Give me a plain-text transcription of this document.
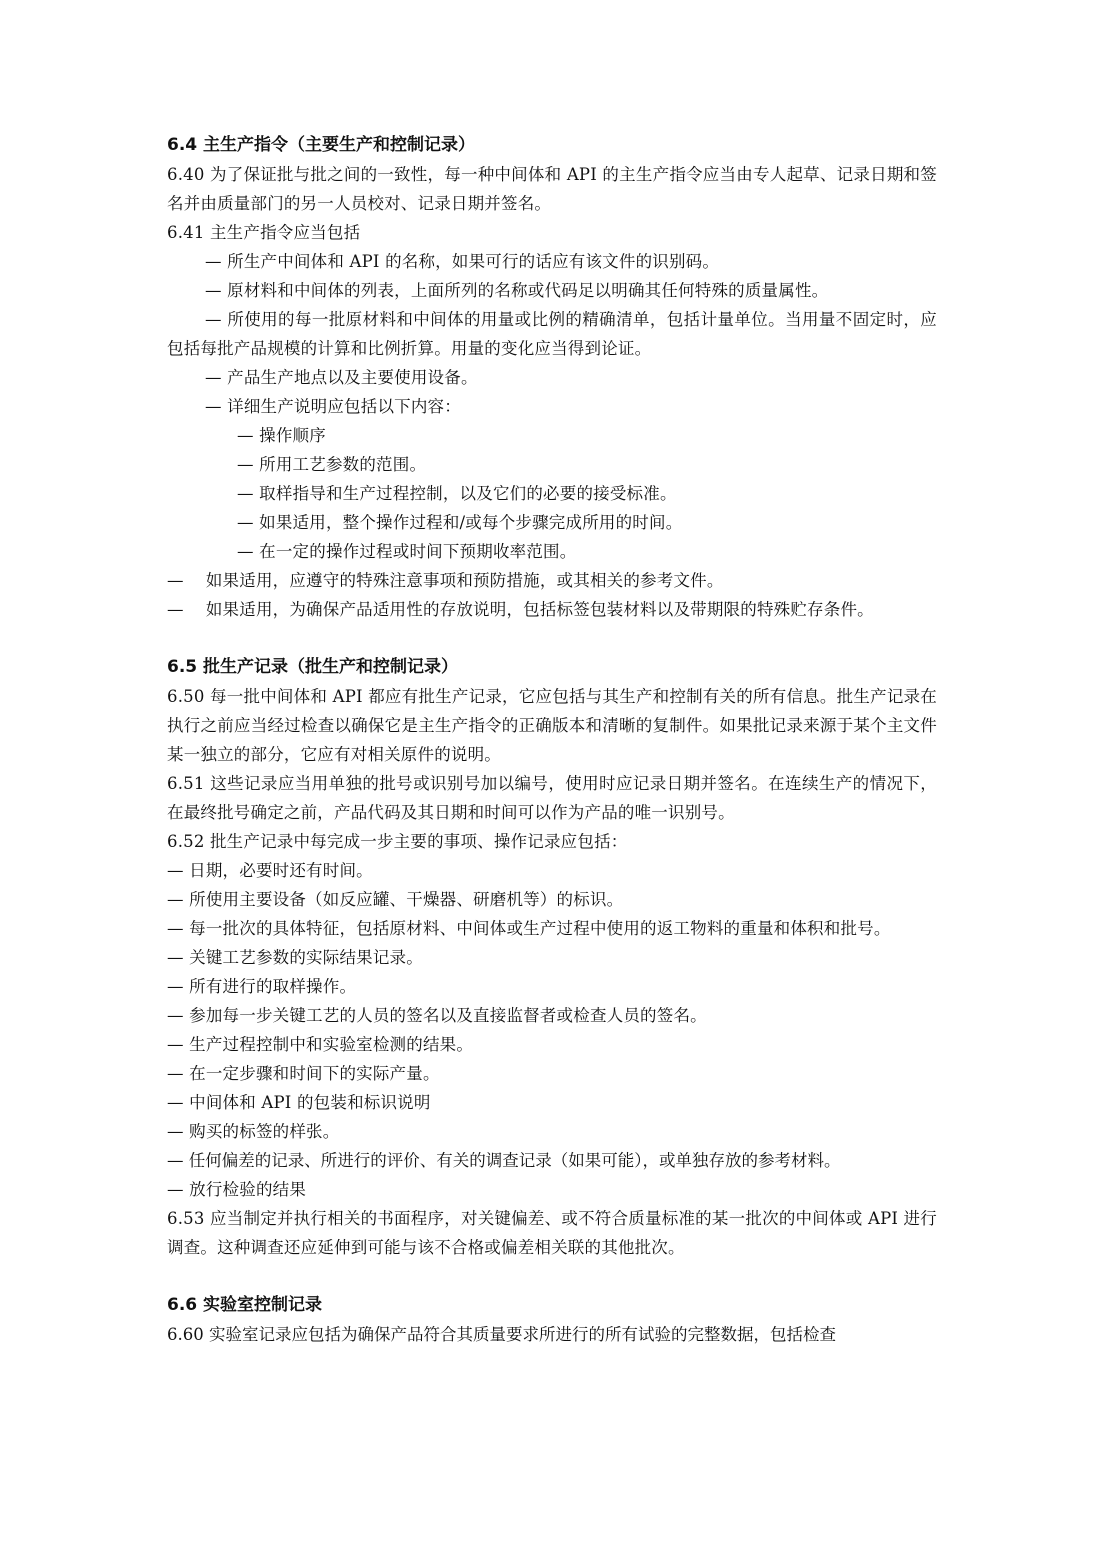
6.4 主生产指令（主要生产和控制记录）

6.40 为了保证批与批之间的一致性，每一种中间体和 API 的主生产指令应当由专人起草、记录日期和签名并由质量部门的另一人员校对、记录日期并签名。

6.41 主生产指令应当包括

— 所生产中间体和 API 的名称，如果可行的话应有该文件的识别码。

— 原材料和中间体的列表，上面所列的名称或代码足以明确其任何特殊的质量属性。

— 所使用的每一批原材料和中间体的用量或比例的精确清单，包括计量单位。当用量不固定时，应包括每批产品规模的计算和比例折算。用量的变化应当得到论证。

— 产品生产地点以及主要使用设备。

— 详细生产说明应包括以下内容：

— 操作顺序

— 所用工艺参数的范围。

— 取样指导和生产过程控制，以及它们的必要的接受标准。

— 如果适用，整个操作过程和/或每个步骤完成所用的时间。

— 在一定的操作过程或时间下预期收率范围。

—　 如果适用，应遵守的特殊注意事项和预防措施，或其相关的参考文件。

—　 如果适用，为确保产品适用性的存放说明，包括标签包装材料以及带期限的特殊贮存条件。

6.5 批生产记录（批生产和控制记录）

6.50 每一批中间体和 API 都应有批生产记录，它应包括与其生产和控制有关的所有信息。批生产记录在执行之前应当经过检查以确保它是主生产指令的正确版本和清晰的复制件。如果批记录来源于某个主文件某一独立的部分，它应有对相关原件的说明。

6.51 这些记录应当用单独的批号或识别号加以编号，使用时应记录日期并签名。在连续生产的情况下，在最终批号确定之前，产品代码及其日期和时间可以作为产品的唯一识别号。

6.52 批生产记录中每完成一步主要的事项、操作记录应包括：

— 日期，必要时还有时间。

— 所使用主要设备（如反应罐、干燥器、研磨机等）的标识。

— 每一批次的具体特征，包括原材料、中间体或生产过程中使用的返工物料的重量和体积和批号。

— 关键工艺参数的实际结果记录。

— 所有进行的取样操作。

— 参加每一步关键工艺的人员的签名以及直接监督者或检查人员的签名。

— 生产过程控制中和实验室检测的结果。

— 在一定步骤和时间下的实际产量。

— 中间体和 API 的包装和标识说明

— 购买的标签的样张。

— 任何偏差的记录、所进行的评价、有关的调查记录（如果可能），或单独存放的参考材料。

— 放行检验的结果

6.53 应当制定并执行相关的书面程序，对关键偏差、或不符合质量标准的某一批次的中间体或 API 进行调查。这种调查还应延伸到可能与该不合格或偏差相关联的其他批次。

6.6 实验室控制记录

6.60 实验室记录应包括为确保产品符合其质量要求所进行的所有试验的完整数据，包括检查
